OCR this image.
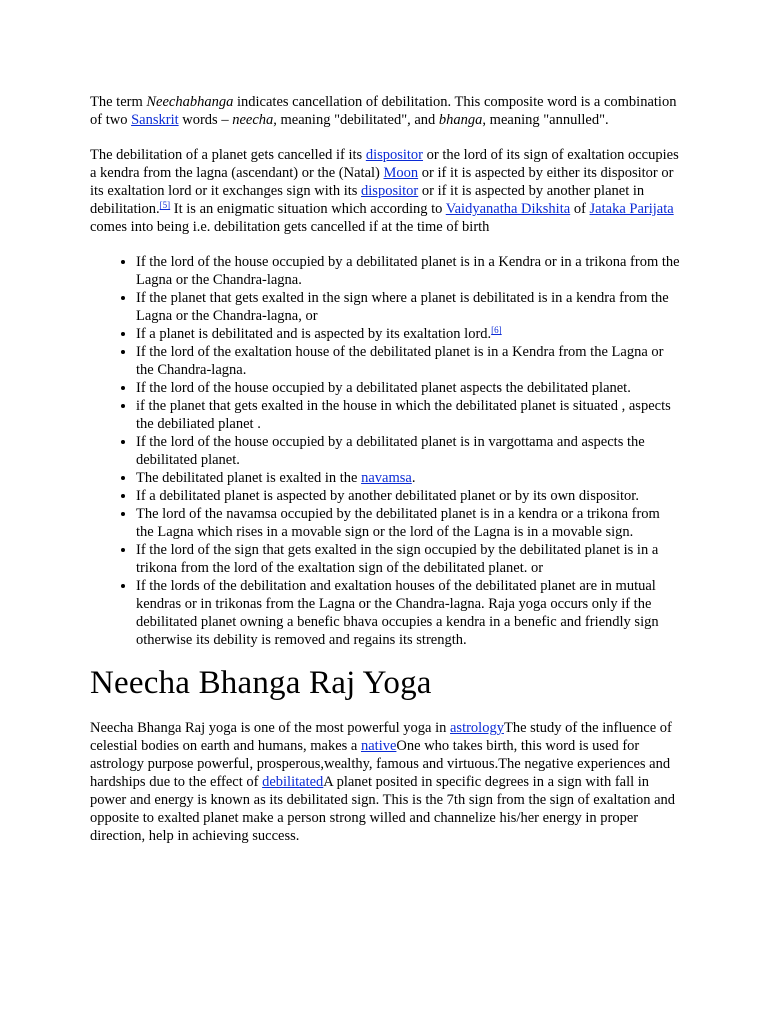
The term Neechabhanga indicates cancellation of debilitation. This composite word is a combination of two Sanskrit words – neecha, meaning "debilitated", and bhanga, meaning "annulled".

The debilitation of a planet gets cancelled if its dispositor or the lord of its sign of exaltation occupies a kendra from the lagna (ascendant) or the (Natal) Moon or if it is aspected by either its dispositor or its exaltation lord or it exchanges sign with its dispositor or if it is aspected by another planet in debilitation.[5] It is an enigmatic situation which according to Vaidyanatha Dikshita of Jataka Parijata comes into being i.e. debilitation gets cancelled if at the time of birth

• If the lord of the house occupied by a debilitated planet is in a Kendra or in a trikona from the Lagna or the Chandra-lagna.
• If the planet that gets exalted in the sign where a planet is debilitated is in a kendra from the Lagna or the Chandra-lagna, or
• If a planet is debilitated and is aspected by its exaltation lord.[6]
• If the lord of the exaltation house of the debilitated planet is in a Kendra from the Lagna or the Chandra-lagna.
• If the lord of the house occupied by a debilitated planet aspects the debilitated planet.
• if the planet that gets exalted in the house in which the debilitated planet is situated , aspects the debiliated planet .
• If the lord of the house occupied by a debilitated planet is in vargottama and aspects the debilitated planet.
• The debilitated planet is exalted in the navamsa.
• If a debilitated planet is aspected by another debilitated planet or by its own dispositor.
• The lord of the navamsa occupied by the debilitated planet is in a kendra or a trikona from the Lagna which rises in a movable sign or the lord of the Lagna is in a movable sign.
• If the lord of the sign that gets exalted in the sign occupied by the debilitated planet is in a trikona from the lord of the exaltation sign of the debilitated planet. or
• If the lords of the debilitation and exaltation houses of the debilitated planet are in mutual kendras or in trikonas from the Lagna or the Chandra-lagna. Raja yoga occurs only if the debilitated planet owning a benefic bhava occupies a kendra in a benefic and friendly sign otherwise its debility is removed and regains its strength.
Neecha Bhanga Raj Yoga

Neecha Bhanga Raj yoga is one of the most powerful yoga in astrologyThe study of the influence of celestial bodies on earth and humans, makes a nativeOne who takes birth, this word is used for astrology purpose powerful, prosperous,wealthy, famous and virtuous.The negative experiences and hardships due to the effect of debilitatedA planet posited in specific degrees in a sign with fall in power and energy is known as its debilitated sign. This is the 7th sign from the sign of exaltation and opposite to exalted planet make a person strong willed and channelize his/her energy in proper direction, help in achieving success.
